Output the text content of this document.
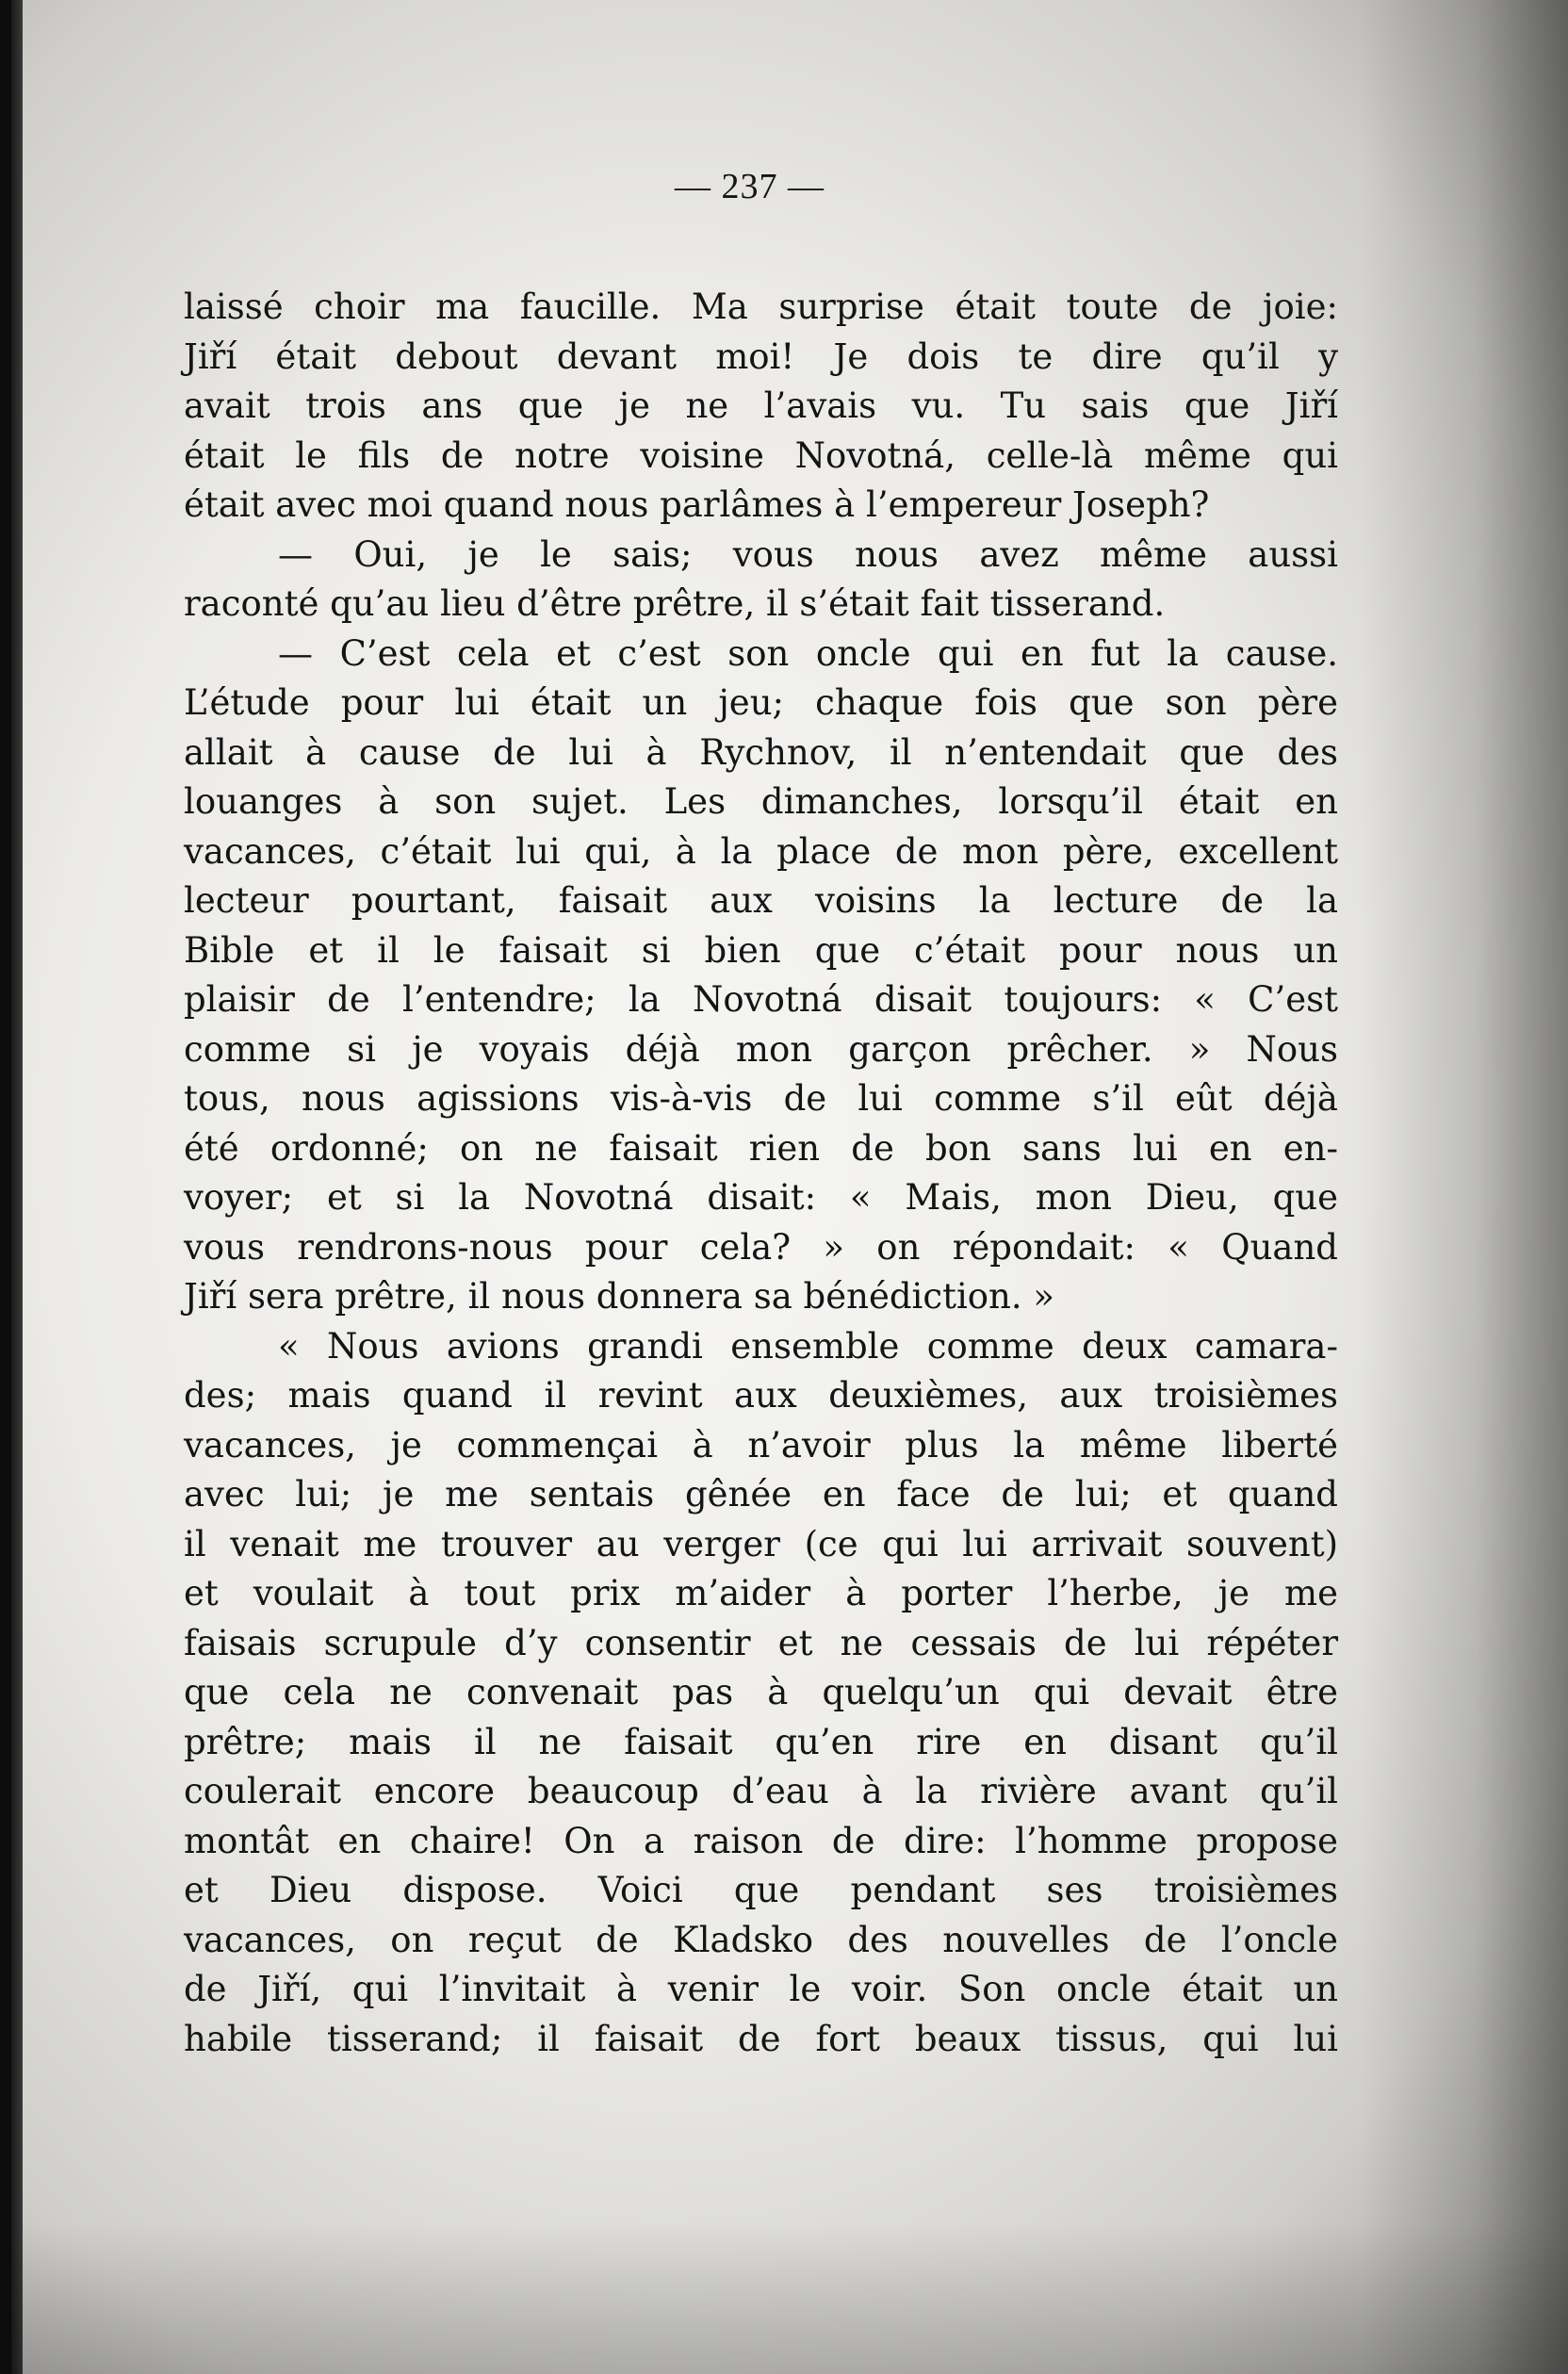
— 237 —
laissé choir ma faucille. Ma surprise était toute de joie:
Jiří était debout devant moi! Je dois te dire qu’il y
avait trois ans que je ne l’avais vu. Tu sais que Jiří
était le fils de notre voisine Novotná, celle-là même qui
était avec moi quand nous parlâmes à l’empereur Joseph?
— Oui, je le sais; vous nous avez même aussi
raconté qu’au lieu d’être prêtre, il s’était fait tisserand.
— C’est cela et c’est son oncle qui en fut la cause.
L’étude pour lui était un jeu; chaque fois que son père
allait à cause de lui à Rychnov, il n’entendait que des
louanges à son sujet. Les dimanches, lorsqu’il était en
vacances, c’était lui qui, à la place de mon père, excellent
lecteur pourtant, faisait aux voisins la lecture de la
Bible et il le faisait si bien que c’était pour nous un
plaisir de l’entendre; la Novotná disait toujours: « C’est
comme si je voyais déjà mon garçon prêcher. » Nous
tous, nous agissions vis-à-vis de lui comme s’il eût déjà
été ordonné; on ne faisait rien de bon sans lui en en-
voyer; et si la Novotná disait: « Mais, mon Dieu, que
vous rendrons-nous pour cela? » on répondait: « Quand
Jiří sera prêtre, il nous donnera sa bénédiction. »
« Nous avions grandi ensemble comme deux camara-
des; mais quand il revint aux deuxièmes, aux troisièmes
vacances, je commençai à n’avoir plus la même liberté
avec lui; je me sentais gênée en face de lui; et quand
il venait me trouver au verger (ce qui lui arrivait souvent)
et voulait à tout prix m’aider à porter l’herbe, je me
faisais scrupule d’y consentir et ne cessais de lui répéter
que cela ne convenait pas à quelqu’un qui devait être
prêtre; mais il ne faisait qu’en rire en disant qu’il
coulerait encore beaucoup d’eau à la rivière avant qu’il
montât en chaire! On a raison de dire: l’homme propose
et Dieu dispose. Voici que pendant ses troisièmes
vacances, on reçut de Kladsko des nouvelles de l’oncle
de Jiří, qui l’invitait à venir le voir. Son oncle était un
habile tisserand; il faisait de fort beaux tissus, qui lui
